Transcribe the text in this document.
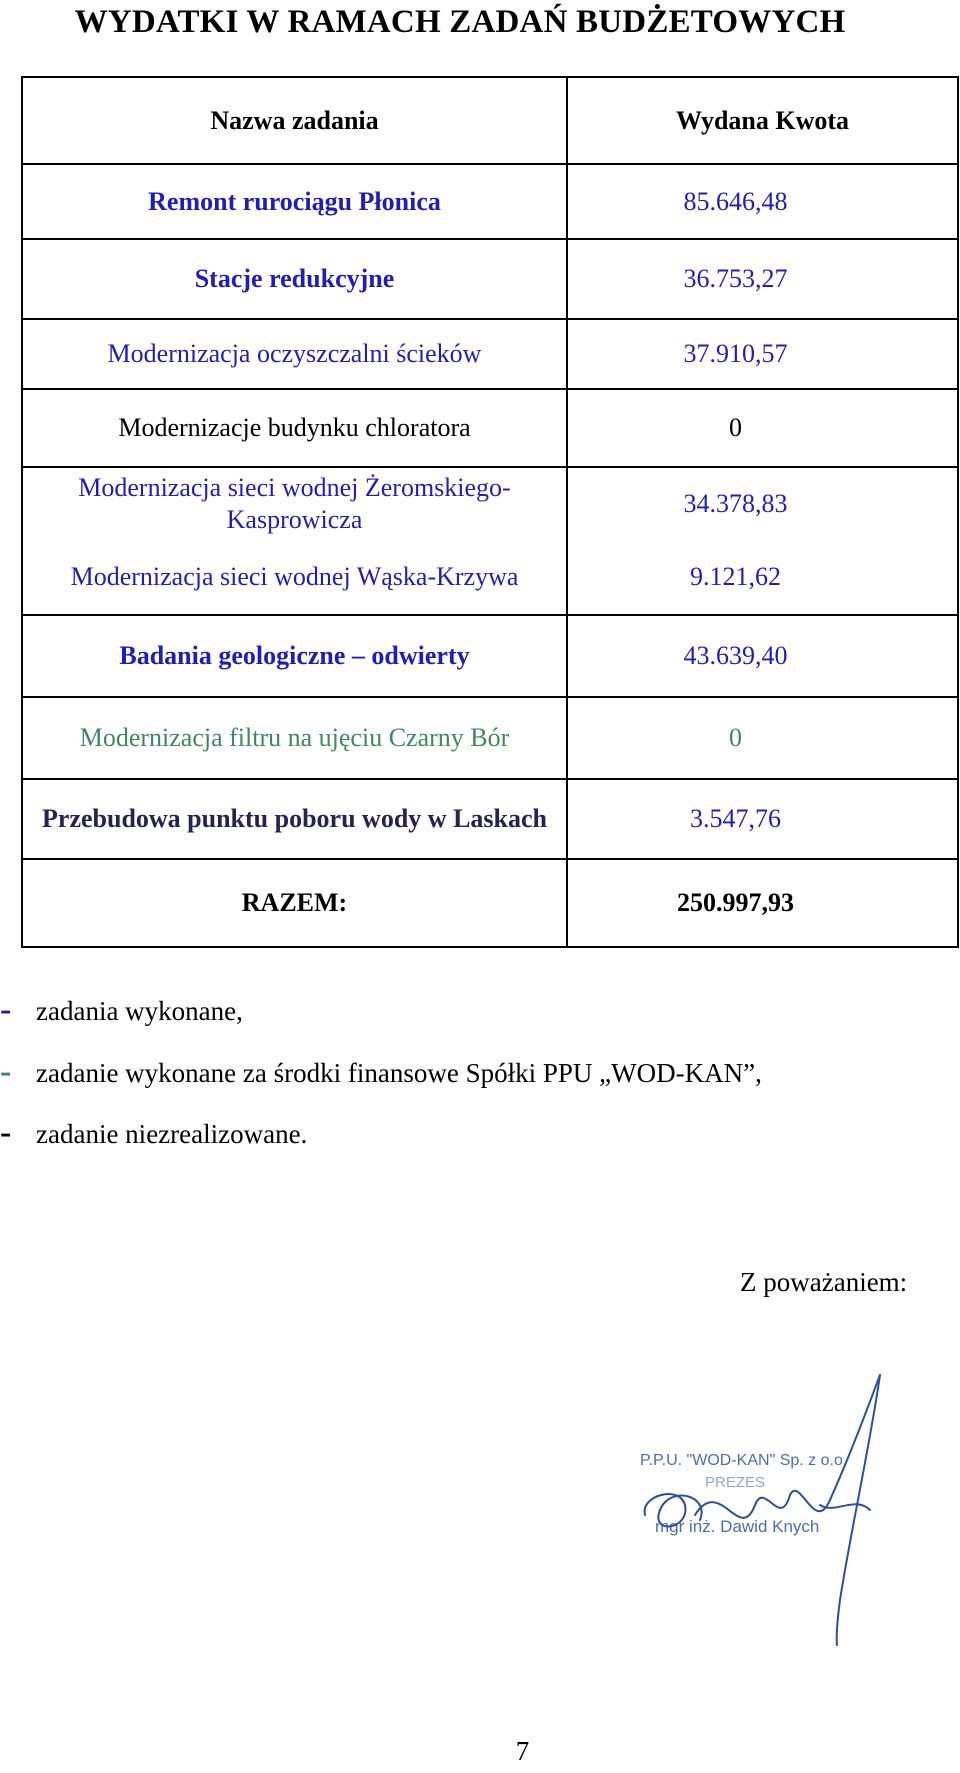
WYDATKI W RAMACH ZADAŃ BUDŻETOWYCH
Nazwa zadania	Wydana Kwota
Remont rurociągu Płonica	85.646,48
Stacje redukcyjne	36.753,27
Modernizacja oczyszczalni ścieków	37.910,57
Modernizacje budynku chloratora	0
Modernizacja sieci wodnej Żeromskiego-Kasprowicza	34.378,83
Modernizacja sieci wodnej Wąska-Krzywa	9.121,62
Badania geologiczne – odwierty	43.639,40
Modernizacja filtru na ujęciu Czarny Bór	0
Przebudowa punktu poboru wody w Laskach	3.547,76
RAZEM:	250.997,93
- zadania wykonane,
- zadanie wykonane za środki finansowe Spółki PPU „WOD-KAN”,
- zadanie niezrealizowane.
Z poważaniem:
P.P.U. "WOD-KAN" Sp. z o.o.
PREZES
mgr inż. Dawid Knych
7
